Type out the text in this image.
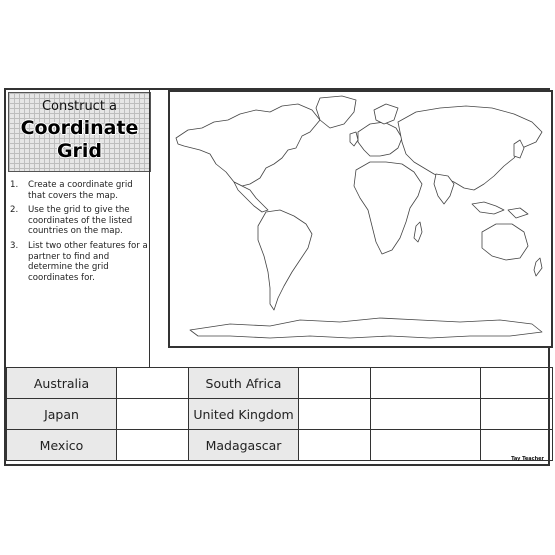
Construct a
Coordinate
Grid
1. Create a coordinate grid that covers the map.
2. Use the grid to give the coordinates of the listed countries on the map.
3. List two other features for a partner to find and determine the grid coordinates for.
Australia		South Africa			
Japan		United Kingdom			
Mexico		Madagascar			
Tay Teacher
